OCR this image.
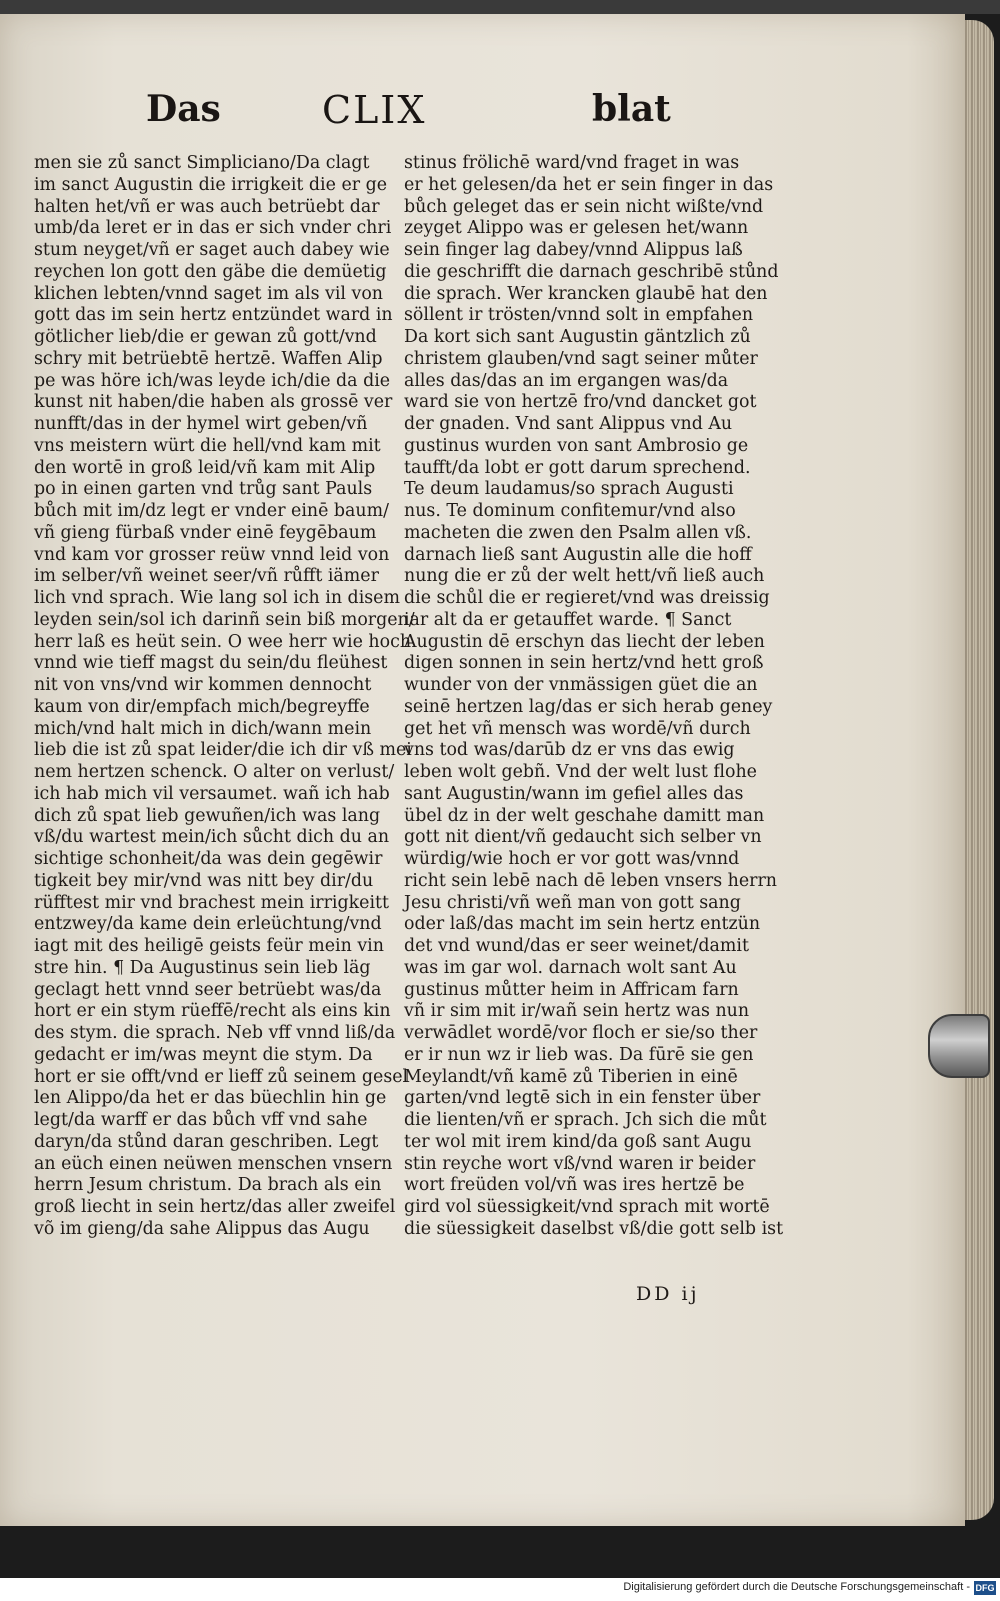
Das	CLIX	blat
men sie zů sanct Simpliciano/Da clagt
im sanct Augustin die irrigkeit die er ge
halten het/vñ er was auch betrüebt dar
umb/da leret er in das er sich vnder chri
stum neyget/vñ er saget auch dabey wie
reychen lon gott den gäbe die demüetig
klichen lebten/vnnd saget im als vil von
gott das im sein hertz entzündet ward in
götlicher lieb/die er gewan zů gott/vnd
schry mit betrüebtē hertzē. Waffen Alip
pe was höre ich/was leyde ich/die da die
kunst nit haben/die haben als grossē ver
nunfft/das in der hymel wirt geben/vñ
vns meistern würt die hell/vnd kam mit
den wortē in groß leid/vñ kam mit Alip
po in einen garten vnd trůg sant Pauls
bůch mit im/dz legt er vnder einē baum/
vñ gieng fürbaß vnder einē feygēbaum
vnd kam vor grosser reüw vnnd leid von
im selber/vñ weinet seer/vñ růfft iämer
lich vnd sprach. Wie lang sol ich in disem
leyden sein/sol ich darinñ sein biß morgen/
herr laß es heüt sein. O wee herr wie hoch
vnnd wie tieff magst du sein/du fleühest
nit von vns/vnd wir kommen dennocht
kaum von dir/empfach mich/begreyffe
mich/vnd halt mich in dich/wann mein
lieb die ist zů spat leider/die ich dir vß mei
nem hertzen schenck. O alter on verlust/
ich hab mich vil versaumet. wañ ich hab
dich zů spat lieb gewuñen/ich was lang
vß/du wartest mein/ich sůcht dich du an
sichtige schonheit/da was dein gegēwir
tigkeit bey mir/vnd was nitt bey dir/du
rüfftest mir vnd brachest mein irrigkeitt
entzwey/da kame dein erleüchtung/vnd
iagt mit des heiligē geists feür mein vin
stre hin. ¶ Da Augustinus sein lieb läg
geclagt hett vnnd seer betrüebt was/da
hort er ein stym rüeffē/recht als eins kin
des stym. die sprach. Neb vff vnnd liß/da
gedacht er im/was meynt die stym. Da
hort er sie offt/vnd er lieff zů seinem gesel
len Alippo/da het er das büechlin hin ge
legt/da warff er das bůch vff vnd sahe
daryn/da stůnd daran geschriben. Legt
an eüch einen neüwen menschen vnsern
herrn Jesum christum. Da brach als ein
groß liecht in sein hertz/das aller zweifel
võ im gieng/da sahe Alippus das Augu
stinus frölichē ward/vnd fraget in was
er het gelesen/da het er sein finger in das
bůch geleget das er sein nicht wißte/vnd
zeyget Alippo was er gelesen het/wann
sein finger lag dabey/vnnd Alippus laß
die geschrifft die darnach geschribē stůnd
die sprach. Wer krancken glaubē hat den
söllent ir trösten/vnnd solt in empfahen
Da kort sich sant Augustin gäntzlich zů
christem glauben/vnd sagt seiner můter
alles das/das an im ergangen was/da
ward sie von hertzē fro/vnd dancket got
der gnaden. Vnd sant Alippus vnd Au
gustinus wurden von sant Ambrosio ge
taufft/da lobt er gott darum sprechend.
Te deum laudamus/so sprach Augusti
nus. Te dominum confitemur/vnd also
macheten die zwen den Psalm allen vß.
darnach ließ sant Augustin alle die hoff
nung die er zů der welt hett/vñ ließ auch
die schůl die er regieret/vnd was dreissig
iar alt da er getauffet warde. ¶ Sanct
Augustin dē erschyn das liecht der leben
digen sonnen in sein hertz/vnd hett groß
wunder von der vnmässigen güet die an
seinē hertzen lag/das er sich herab geney
get het vñ mensch was wordē/vñ durch
vns tod was/darūb dz er vns das ewig
leben wolt gebñ. Vnd der welt lust flohe
sant Augustin/wann im gefiel alles das
übel dz in der welt geschahe damitt man
gott nit dient/vñ gedaucht sich selber vn
würdig/wie hoch er vor gott was/vnnd
richt sein lebē nach dē leben vnsers herrn
Jesu christi/vñ weñ man von gott sang
oder laß/das macht im sein hertz entzün
det vnd wund/das er seer weinet/damit
was im gar wol. darnach wolt sant Au
gustinus můtter heim in Affricam farn
vñ ir sim mit ir/wañ sein hertz was nun
verwādlet wordē/vor floch er sie/so ther
er ir nun wz ir lieb was. Da fūrē sie gen
Meylandt/vñ kamē zů Tiberien in einē
garten/vnd legtē sich in ein fenster über
die lienten/vñ er sprach. Jch sich die můt
ter wol mit irem kind/da goß sant Augu
stin reyche wort vß/vnd waren ir beider
wort freüden vol/vñ was ires hertzē be
gird vol süessigkeit/vnd sprach mit wortē
die süessigkeit daselbst vß/die gott selb ist
DD ij
Digitalisierung gefördert durch die Deutsche Forschungsgemeinschaft - DFG
